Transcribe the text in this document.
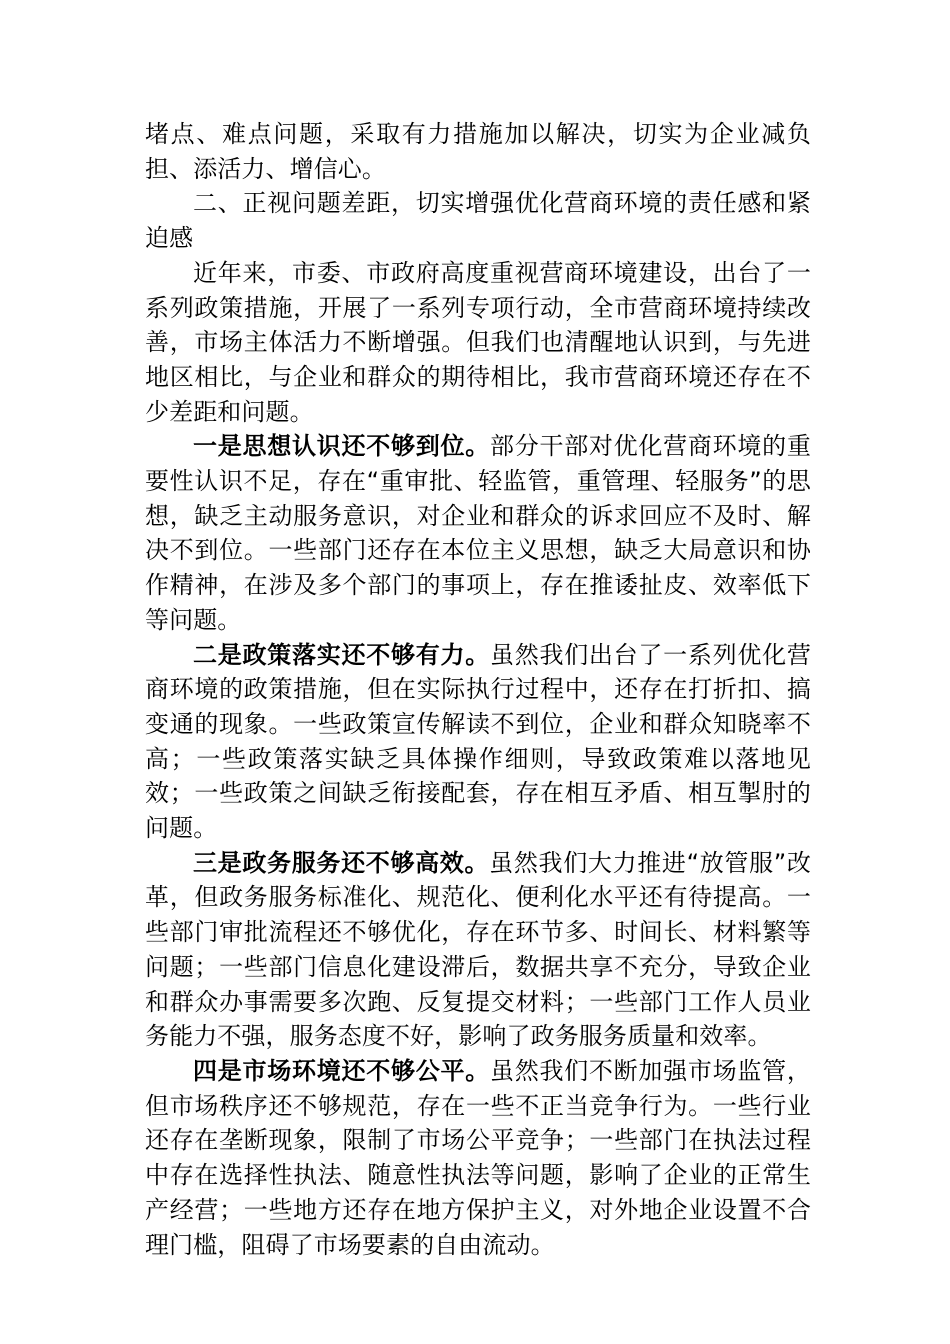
堵点、难点问题，采取有力措施加以解决，切实为企业减负担、添活力、增信心。

二、正视问题差距，切实增强优化营商环境的责任感和紧迫感

近年来，市委、市政府高度重视营商环境建设，出台了一系列政策措施，开展了一系列专项行动，全市营商环境持续改善，市场主体活力不断增强。但我们也清醒地认识到，与先进地区相比，与企业和群众的期待相比，我市营商环境还存在不少差距和问题。

一是思想认识还不够到位。部分干部对优化营商环境的重要性认识不足，存在“重审批、轻监管，重管理、轻服务”的思想，缺乏主动服务意识，对企业和群众的诉求回应不及时、解决不到位。一些部门还存在本位主义思想，缺乏大局意识和协作精神，在涉及多个部门的事项上，存在推诿扯皮、效率低下等问题。

二是政策落实还不够有力。虽然我们出台了一系列优化营商环境的政策措施，但在实际执行过程中，还存在打折扣、搞变通的现象。一些政策宣传解读不到位，企业和群众知晓率不高；一些政策落实缺乏具体操作细则，导致政策难以落地见效；一些政策之间缺乏衔接配套，存在相互矛盾、相互掣肘的问题。

三是政务服务还不够高效。虽然我们大力推进“放管服”改革，但政务服务标准化、规范化、便利化水平还有待提高。一些部门审批流程还不够优化，存在环节多、时间长、材料繁等问题；一些部门信息化建设滞后，数据共享不充分，导致企业和群众办事需要多次跑、反复提交材料；一些部门工作人员业务能力不强，服务态度不好，影响了政务服务质量和效率。

四是市场环境还不够公平。虽然我们不断加强市场监管，但市场秩序还不够规范，存在一些不正当竞争行为。一些行业还存在垄断现象，限制了市场公平竞争；一些部门在执法过程中存在选择性执法、随意性执法等问题，影响了企业的正常生产经营；一些地方还存在地方保护主义，对外地企业设置不合理门槛，阻碍了市场要素的自由流动。
